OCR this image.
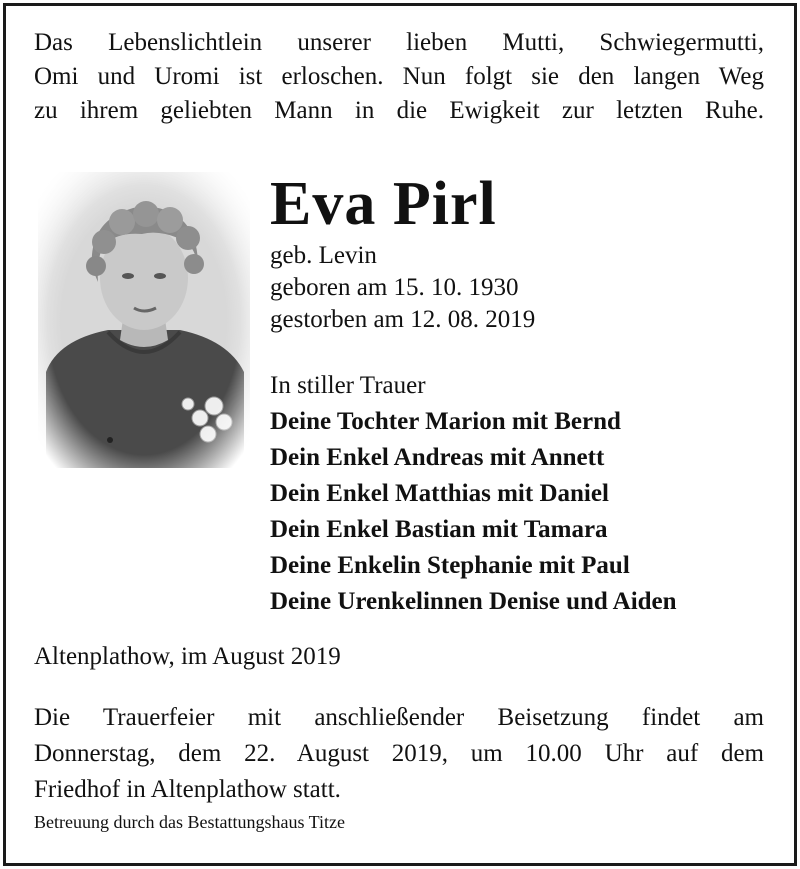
Das Lebenslichtlein unserer lieben Mutti, Schwiegermutti,
Omi und Uromi ist erloschen. Nun folgt sie den langen Weg
zu ihrem geliebten Mann in die Ewigkeit zur letzten Ruhe.
Eva Pirl
geb. Levin
geboren am 15. 10. 1930
gestorben am 12. 08. 2019
In stiller Trauer
Deine Tochter Marion mit Bernd
Dein Enkel Andreas mit Annett
Dein Enkel Matthias mit Daniel
Dein Enkel Bastian mit Tamara
Deine Enkelin Stephanie mit Paul
Deine Urenkelinnen Denise und Aiden
Altenplathow, im August 2019
Die Trauerfeier mit anschließender Beisetzung findet am
Donnerstag, dem 22. August 2019, um 10.00 Uhr auf dem
Friedhof in Altenplathow statt.
Betreuung durch das Bestattungshaus Titze
